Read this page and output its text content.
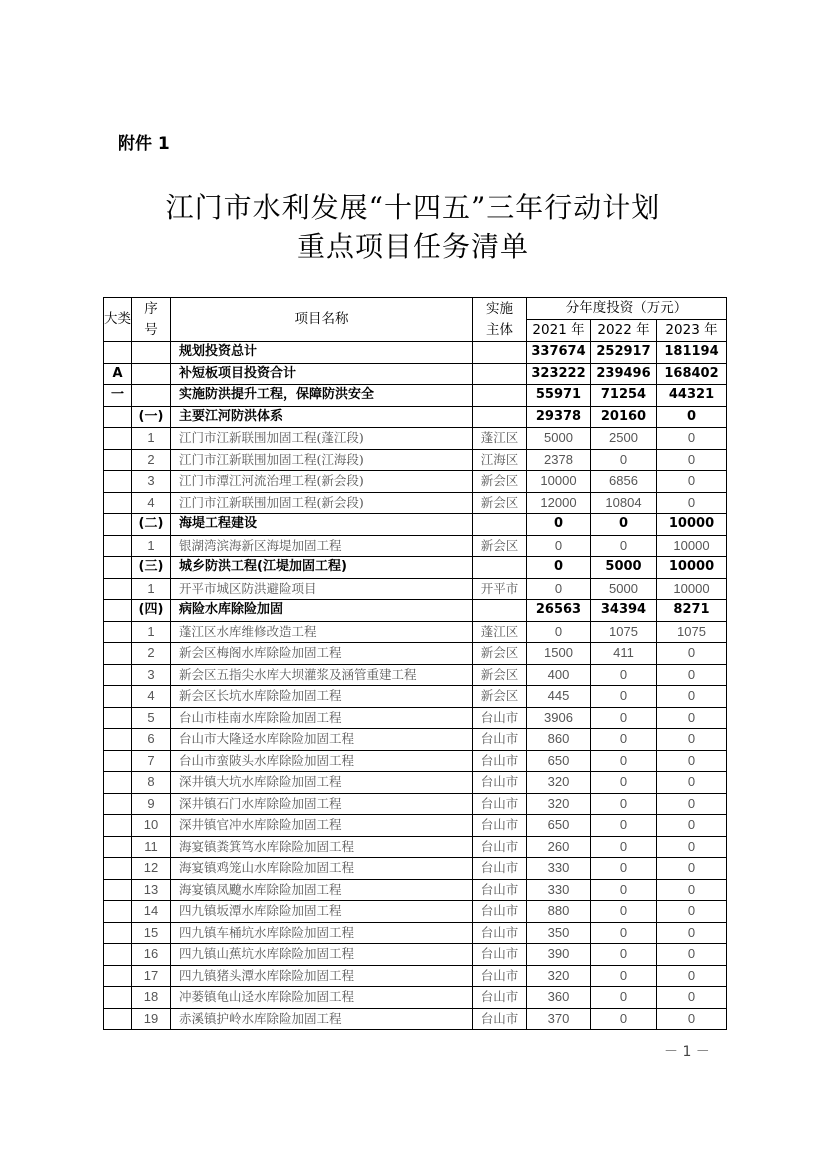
附件 1
江门市水利发展“十四五”三年行动计划
重点项目任务清单
大类	序号	项目名称	实施主体	分年度投资（万元）		
				2021 年	2022 年	2023 年
		规划投资总计		337674	252917	181194
A		补短板项目投资合计		323222	239496	168402
一		实施防洪提升工程，保障防洪安全		55971	71254	44321
	(一)	主要江河防洪体系		29378	20160	0
	1	江门市江新联围加固工程(蓬江段)	蓬江区	5000	2500	0
	2	江门市江新联围加固工程(江海段)	江海区	2378	0	0
	3	江门市潭江河流治理工程(新会段)	新会区	10000	6856	0
	4	江门市江新联围加固工程(新会段)	新会区	12000	10804	0
	(二)	海堤工程建设		0	0	10000
	1	银湖湾滨海新区海堤加固工程	新会区	0	0	10000
	(三)	城乡防洪工程(江堤加固工程)		0	5000	10000
	1	开平市城区防洪避险项目	开平市	0	5000	10000
	(四)	病险水库除险加固		26563	34394	8271
	1	蓬江区水库维修改造工程	蓬江区	0	1075	1075
	2	新会区梅阁水库除险加固工程	新会区	1500	411	0
	3	新会区五指尖水库大坝灌浆及涵管重建工程	新会区	400	0	0
	4	新会区长坑水库除险加固工程	新会区	445	0	0
	5	台山市桂南水库除险加固工程	台山市	3906	0	0
	6	台山市大隆迳水库除险加固工程	台山市	860	0	0
	7	台山市蛮陂头水库除险加固工程	台山市	650	0	0
	8	深井镇大坑水库除险加固工程	台山市	320	0	0
	9	深井镇石门水库除险加固工程	台山市	320	0	0
	10	深井镇官冲水库除险加固工程	台山市	650	0	0
	11	海宴镇粪箕笃水库除险加固工程	台山市	260	0	0
	12	海宴镇鸡笼山水库除险加固工程	台山市	330	0	0
	13	海宴镇凤飉水库除险加固工程	台山市	330	0	0
	14	四九镇坂潭水库除险加固工程	台山市	880	0	0
	15	四九镇车桶坑水库除险加固工程	台山市	350	0	0
	16	四九镇山蕉坑水库除险加固工程	台山市	390	0	0
	17	四九镇猪头潭水库除险加固工程	台山市	320	0	0
	18	冲蒌镇龟山迳水库除险加固工程	台山市	360	0	0
	19	赤溪镇护岭水库除险加固工程	台山市	370	0	0
－ 1 －
